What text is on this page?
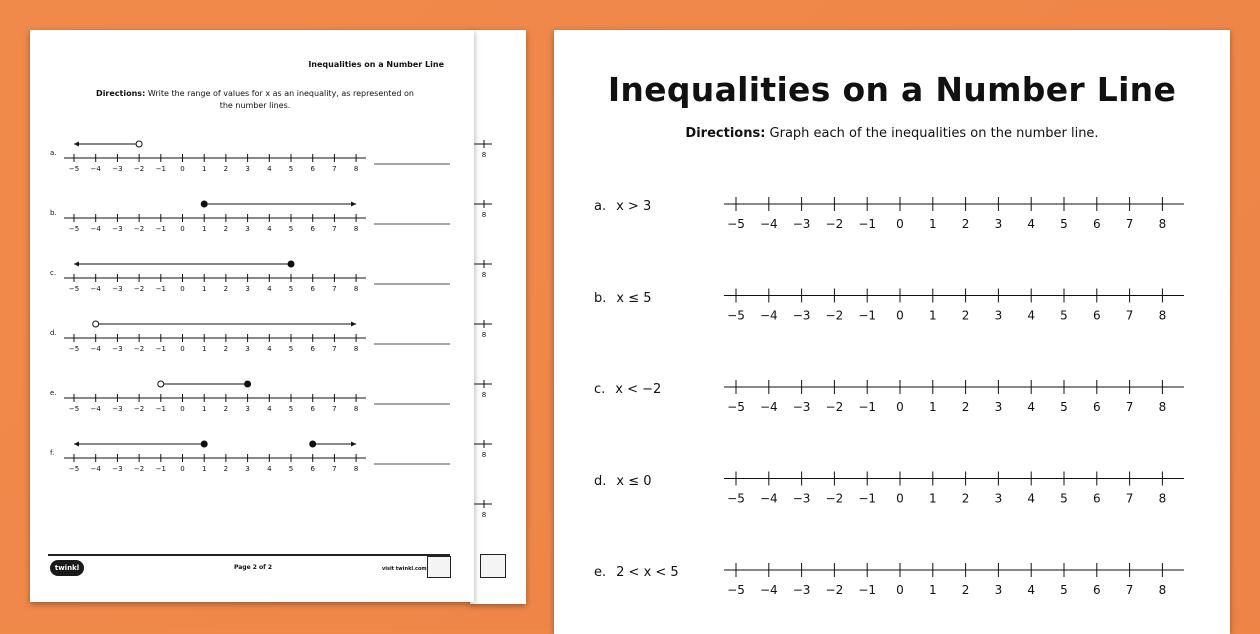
8
8
8
8
8
8
8
Inequalities on a Number Line
Directions: Write the range of values for x as an inequality, as represented on the number lines.
−5 −4 −3 −2 −1 0 1 2 3 4 5 6 7 8
a.
−5 −4 −3 −2 −1 0 1 2 3 4 5 6 7 8
b.
−5 −4 −3 −2 −1 0 1 2 3 4 5 6 7 8
c.
−5 −4 −3 −2 −1 0 1 2 3 4 5 6 7 8
d.
−5 −4 −3 −2 −1 0 1 2 3 4 5 6 7 8
e.
−5 −4 −3 −2 −1 0 1 2 3 4 5 6 7 8
f.
twinkl	Page 2 of 2	visit twinkl.com
Inequalities on a Number Line
Directions: Graph each of the inequalities on the number line.
a. x > 3
b. x ≤ 5
c. x < −2
d. x ≤ 0
e. 2 < x < 5
−5 −4 −3 −2 −1 0 1 2 3 4 5 6 7 8
−5 −4 −3 −2 −1 0 1 2 3 4 5 6 7 8
−5 −4 −3 −2 −1 0 1 2 3 4 5 6 7 8
−5 −4 −3 −2 −1 0 1 2 3 4 5 6 7 8
−5 −4 −3 −2 −1 0 1 2 3 4 5 6 7 8
